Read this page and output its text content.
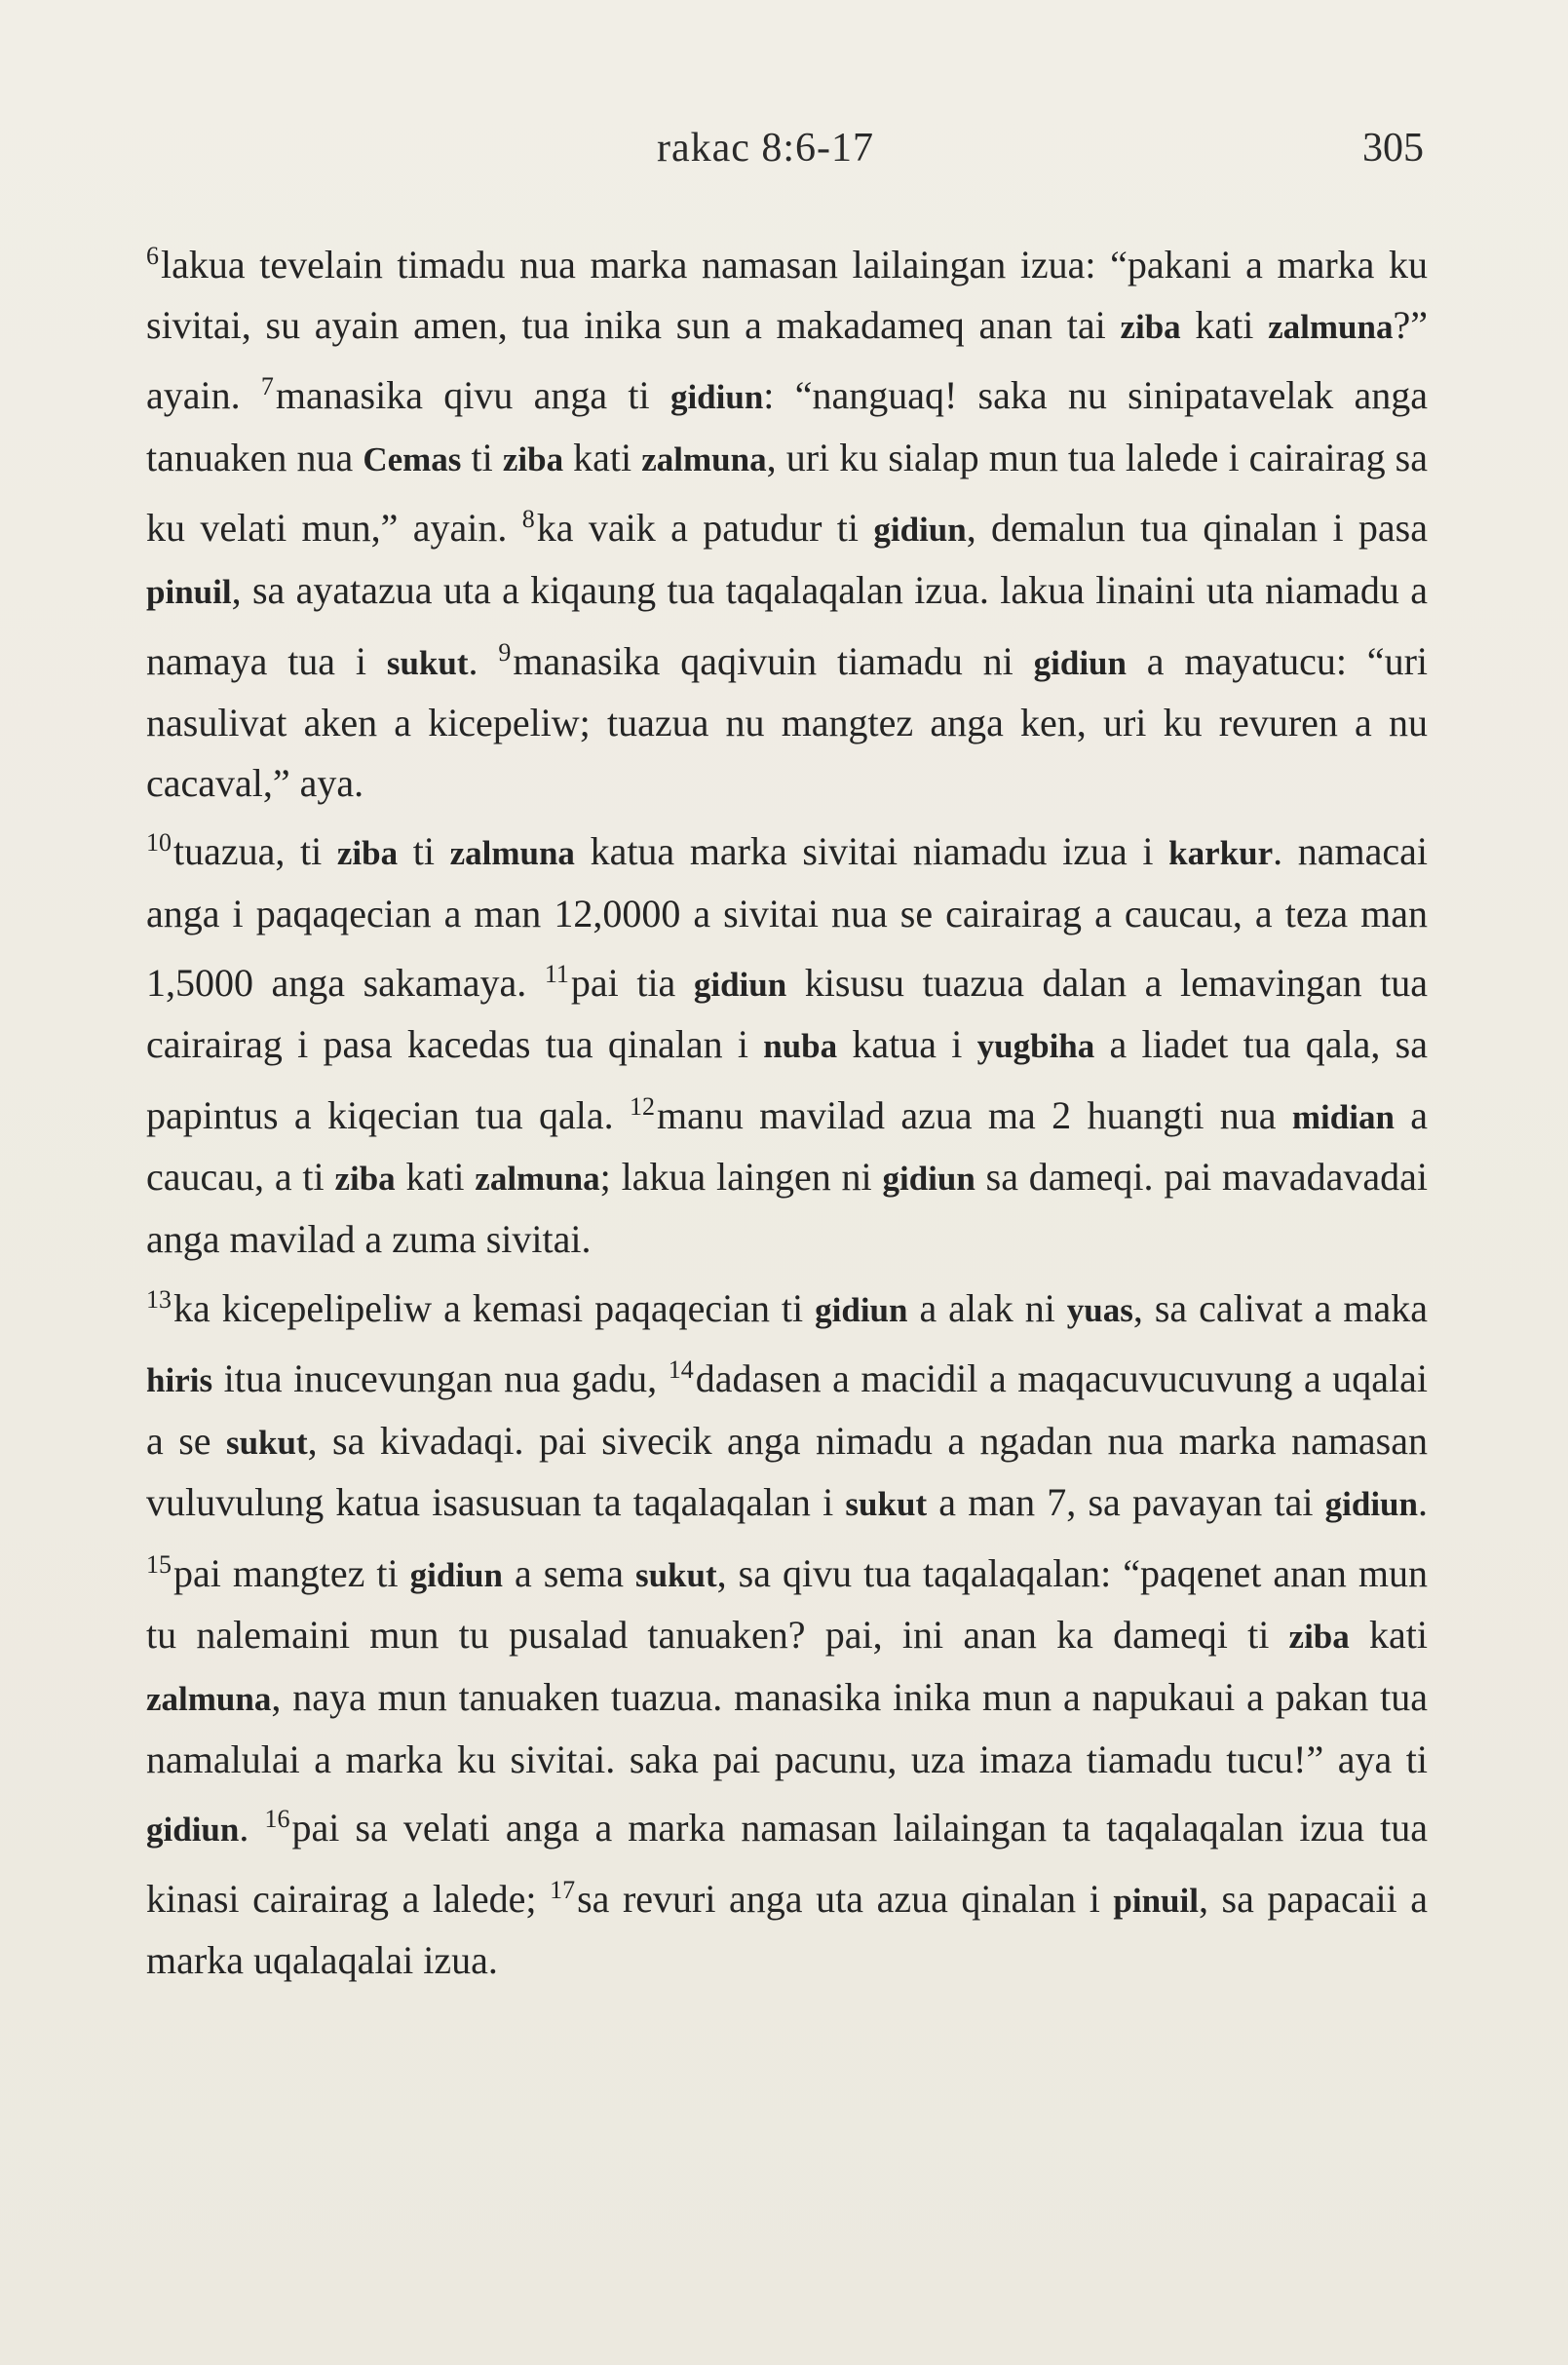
rakac 8:6-17	305

$^6$lakua tevelain timadu nua marka namasan lailaingan izua: “pakani a marka ku sivitai, su ayain amen, tua inika sun a makadameq anan tai ziba kati zalmuna?” ayain. $^7$manasika qivu anga ti gidiun: “nanguaq! saka nu sinipatavelak anga tanuaken nua Cemas ti ziba kati zalmuna, uri ku sialap mun tua lalede i cairairag sa ku velati mun,” ayain. $^8$ka vaik a patudur ti gidiun, demalun tua qinalan i pasa pinuil, sa ayatazua uta a kiqaung tua taqalaqalan izua. lakua linaini uta niamadu a namaya tua i sukut. $^9$manasika qaqivuin tiamadu ni gidiun a mayatucu: “uri nasulivat aken a kicepeliw; tuazua nu mangtez anga ken, uri ku revuren a nu cacaval,” aya.

$^{10}$tuazua, ti ziba ti zalmuna katua marka sivitai niamadu izua i karkur. namacai anga i paqaqecian a man 12,0000 a sivitai nua se cairairag a caucau, a teza man 1,5000 anga sakamaya. $^{11}$pai tia gidiun kisusu tuazua dalan a lemavingan tua cairairag i pasa kacedas tua qinalan i nuba katua i yugbiha a liadet tua qala, sa papintus a kiqecian tua qala. $^{12}$manu mavilad azua ma 2 huangti nua midian a caucau, a ti ziba kati zalmuna; lakua laingen ni gidiun sa dameqi. pai mavadavadai anga mavilad a zuma sivitai.

$^{13}$ka kicepelipeliw a kemasi paqaqecian ti gidiun a alak ni yuas, sa calivat a maka hiris itua inucevungan nua gadu, $^{14}$dadasen a macidil a maqacuvucuvung a uqalai a se sukut, sa kivadaqi. pai sivecik anga nimadu a ngadan nua marka namasan vuluvulung katua isasusuan ta taqalaqalan i sukut a man 7, sa pavayan tai gidiun. $^{15}$pai mangtez ti gidiun a sema sukut, sa qivu tua taqalaqalan: “paqenet anan mun tu nalemaini mun tu pusalad tanuaken? pai, ini anan ka dameqi ti ziba kati zalmuna, naya mun tanuaken tuazua. manasika inika mun a napukaui a pakan tua namalulai a marka ku sivitai. saka pai pacunu, uza imaza tiamadu tucu!” aya ti gidiun. $^{16}$pai sa velati anga a marka namasan lailaingan ta taqalaqalan izua tua kinasi cairairag a lalede; $^{17}$sa revuri anga uta azua qinalan i pinuil, sa papacaii a marka uqalaqalai izua.
